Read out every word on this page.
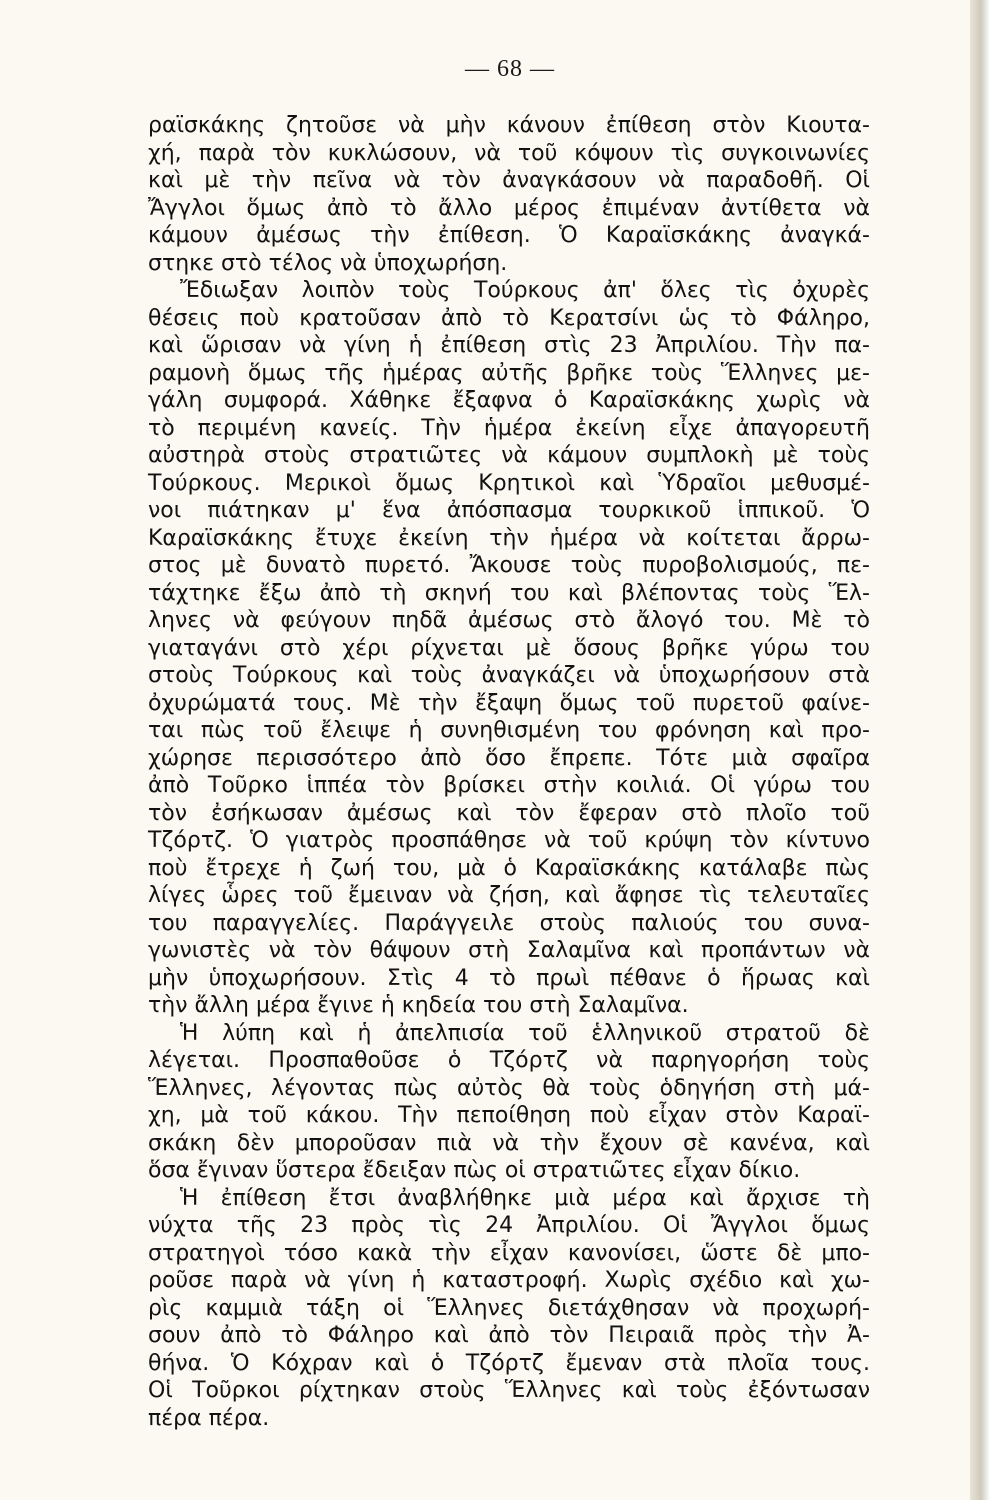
— 68 —

ραϊσκάκης ζητοῦσε νὰ μὴν κάνουν ἐπίθεση στὸν Κιουτα-
χή, παρὰ τὸν κυκλώσουν, νὰ τοῦ κόψουν τὶς συγκοινωνίες
καὶ μὲ τὴν πεῖνα νὰ τὸν ἀναγκάσουν νὰ παραδοθῆ. Οἱ
Ἄγγλοι ὅμως ἀπὸ τὸ ἄλλο μέρος ἐπιμέναν ἀντίθετα νὰ
κάμουν ἀμέσως τὴν ἐπίθεση. Ὁ Καραϊσκάκης ἀναγκά-
στηκε στὸ τέλος νὰ ὑποχωρήση.

Ἔδιωξαν λοιπὸν τοὺς Τούρκους ἀπ' ὅλες τὶς ὀχυρὲς
θέσεις ποὺ κρατοῦσαν ἀπὸ τὸ Κερατσίνι ὡς τὸ Φάληρο,
καὶ ὥρισαν νὰ γίνη ἡ ἐπίθεση στὶς 23 Ἀπριλίου. Τὴν πα-
ραμονὴ ὅμως τῆς ἡμέρας αὐτῆς βρῆκε τοὺς Ἕλληνες με-
γάλη συμφορά. Χάθηκε ἔξαφνα ὁ Καραϊσκάκης χωρὶς νὰ
τὸ περιμένη κανείς. Τὴν ἡμέρα ἐκείνη εἶχε ἀπαγορευτῆ
αὐστηρὰ στοὺς στρατιῶτες νὰ κάμουν συμπλοκὴ μὲ τοὺς
Τούρκους. Μερικοὶ ὅμως Κρητικοὶ καὶ Ὑδραῖοι μεθυσμέ-
νοι πιάτηκαν μ' ἕνα ἀπόσπασμα τουρκικοῦ ἱππικοῦ. Ὁ
Καραϊσκάκης ἔτυχε ἐκείνη τὴν ἡμέρα νὰ κοίτεται ἄρρω-
στος μὲ δυνατὸ πυρετό. Ἄκουσε τοὺς πυροβολισμούς, πε-
τάχτηκε ἔξω ἀπὸ τὴ σκηνή του καὶ βλέποντας τοὺς Ἕλ-
ληνες νὰ φεύγουν πηδᾶ ἀμέσως στὸ ἄλογό του. Μὲ τὸ
γιαταγάνι στὸ χέρι ρίχνεται μὲ ὅσους βρῆκε γύρω του
στοὺς Τούρκους καὶ τοὺς ἀναγκάζει νὰ ὑποχωρήσουν στὰ
ὀχυρώματά τους. Μὲ τὴν ἔξαψη ὅμως τοῦ πυρετοῦ φαίνε-
ται πὼς τοῦ ἔλειψε ἡ συνηθισμένη του φρόνηση καὶ προ-
χώρησε περισσότερο ἀπὸ ὅσο ἔπρεπε. Τότε μιὰ σφαῖρα
ἀπὸ Τοῦρκο ἱππέα τὸν βρίσκει στὴν κοιλιά. Οἱ γύρω του
τὸν ἐσήκωσαν ἀμέσως καὶ τὸν ἔφεραν στὸ πλοῖο τοῦ
Τζόρτζ. Ὁ γιατρὸς προσπάθησε νὰ τοῦ κρύψη τὸν κίντυνο
ποὺ ἔτρεχε ἡ ζωή του, μὰ ὁ Καραϊσκάκης κατάλαβε πὼς
λίγες ὧρες τοῦ ἔμειναν νὰ ζήση, καὶ ἄφησε τὶς τελευταῖες
του παραγγελίες. Παράγγειλε στοὺς παλιούς του συνα-
γωνιστὲς νὰ τὸν θάψουν στὴ Σαλαμῖνα καὶ προπάντων νὰ
μὴν ὑποχωρήσουν. Στὶς 4 τὸ πρωὶ πέθανε ὁ ἥρωας καὶ
τὴν ἄλλη μέρα ἔγινε ἡ κηδεία του στὴ Σαλαμῖνα.

Ἡ λύπη καὶ ἡ ἀπελπισία τοῦ ἑλληνικοῦ στρατοῦ δὲ
λέγεται. Προσπαθοῦσε ὁ Τζόρτζ νὰ παρηγορήση τοὺς
Ἕλληνες, λέγοντας πὼς αὐτὸς θὰ τοὺς ὁδηγήση στὴ μά-
χη, μὰ τοῦ κάκου. Τὴν πεποίθηση ποὺ εἶχαν στὸν Καραϊ-
σκάκη δὲν μποροῦσαν πιὰ νὰ τὴν ἔχουν σὲ κανένα, καὶ
ὅσα ἔγιναν ὕστερα ἔδειξαν πὼς οἱ στρατιῶτες εἶχαν δίκιο.

Ἡ ἐπίθεση ἔτσι ἀναβλήθηκε μιὰ μέρα καὶ ἄρχισε τὴ
νύχτα τῆς 23 πρὸς τὶς 24 Ἀπριλίου. Οἱ Ἄγγλοι ὅμως
στρατηγοὶ τόσο κακὰ τὴν εἶχαν κανονίσει, ὥστε δὲ μπο-
ροῦσε παρὰ νὰ γίνη ἡ καταστροφή. Χωρὶς σχέδιο καὶ χω-
ρὶς καμμιὰ τάξη οἱ Ἕλληνες διετάχθησαν νὰ προχωρή-
σουν ἀπὸ τὸ Φάληρο καὶ ἀπὸ τὸν Πειραιᾶ πρὸς τὴν Ἀ-
θήνα. Ὁ Κόχραν καὶ ὁ Τζόρτζ ἔμεναν στὰ πλοῖα τους.
Οἱ Τοῦρκοι ρίχτηκαν στοὺς Ἕλληνες καὶ τοὺς ἐξόντωσαν
πέρα πέρα.
